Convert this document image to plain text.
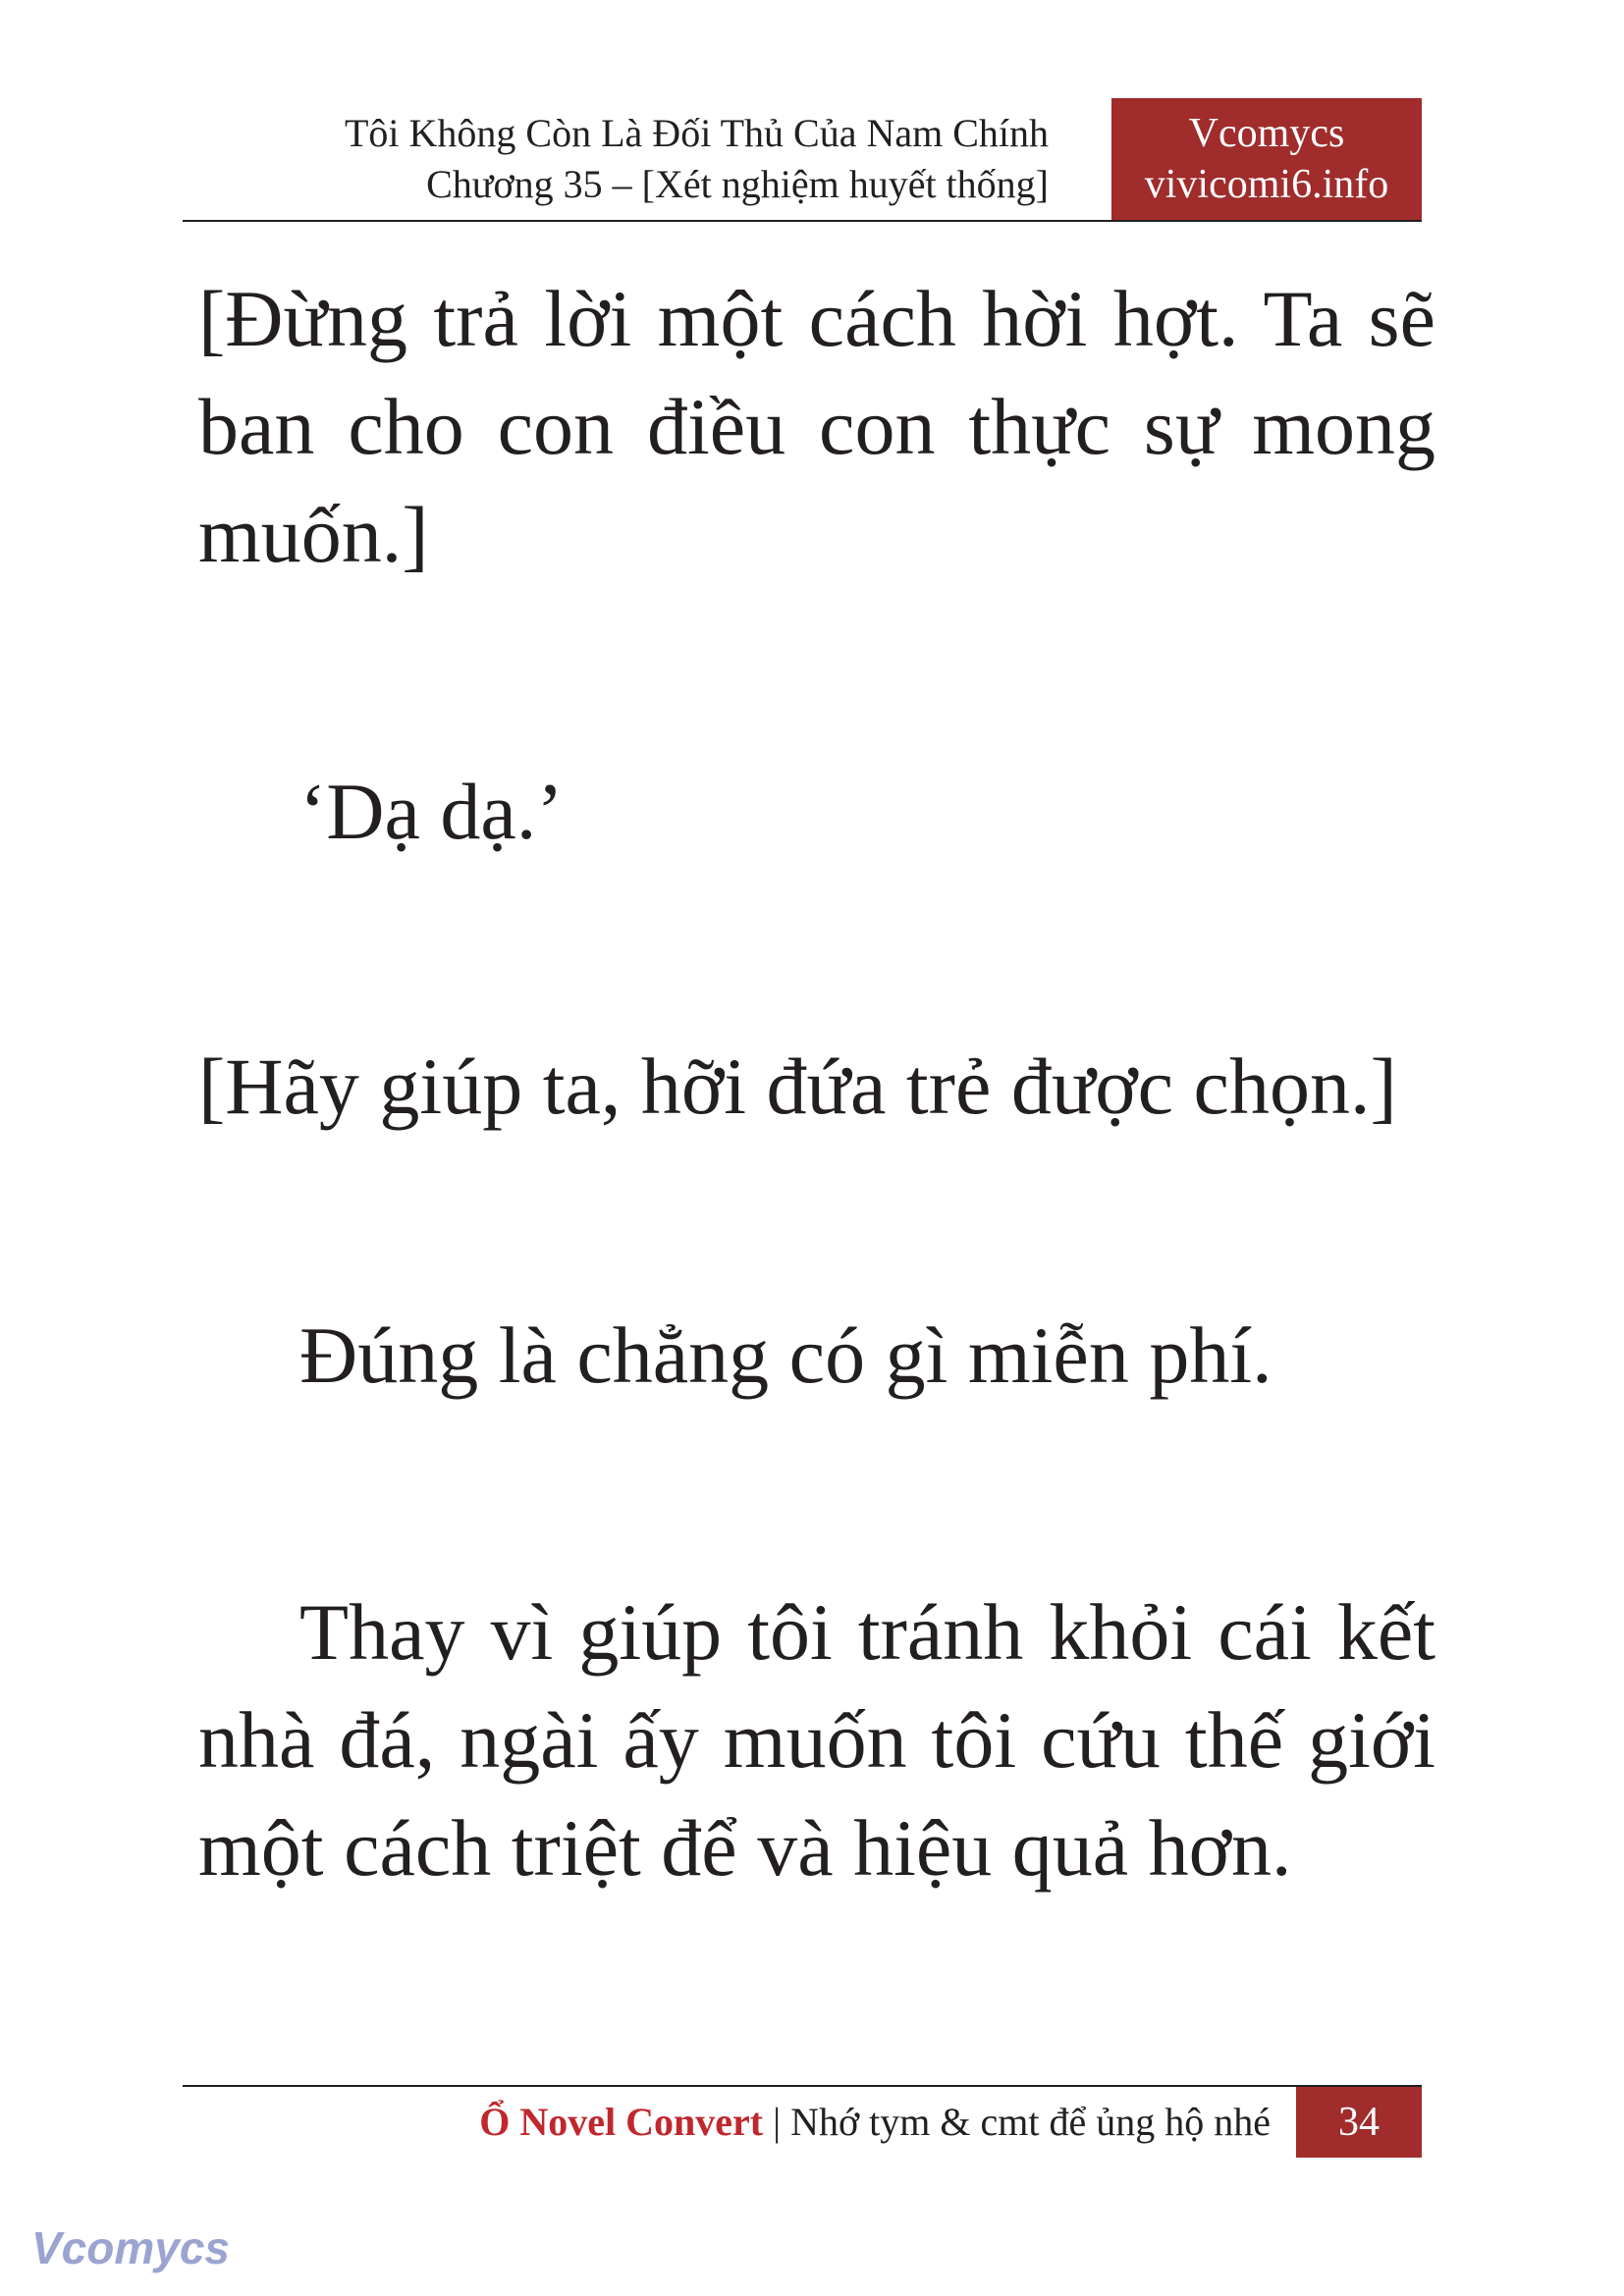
Tôi Không Còn Là Đối Thủ Của Nam Chính
Chương 35 – [Xét nghiệm huyết thống]
Vcomycs
vivicomi6.info

[Đừng trả lời một cách hời hợt. Ta sẽ ban cho con điều con thực sự mong muốn.]

‘Dạ dạ.’

[Hãy giúp ta, hỡi đứa trẻ được chọn.]

Đúng là chẳng có gì miễn phí.

Thay vì giúp tôi tránh khỏi cái kết nhà đá, ngài ấy muốn tôi cứu thế giới một cách triệt để và hiệu quả hơn.

Ổ Novel Convert | Nhớ tym & cmt để ủng hộ nhé	34
Vcomycs
